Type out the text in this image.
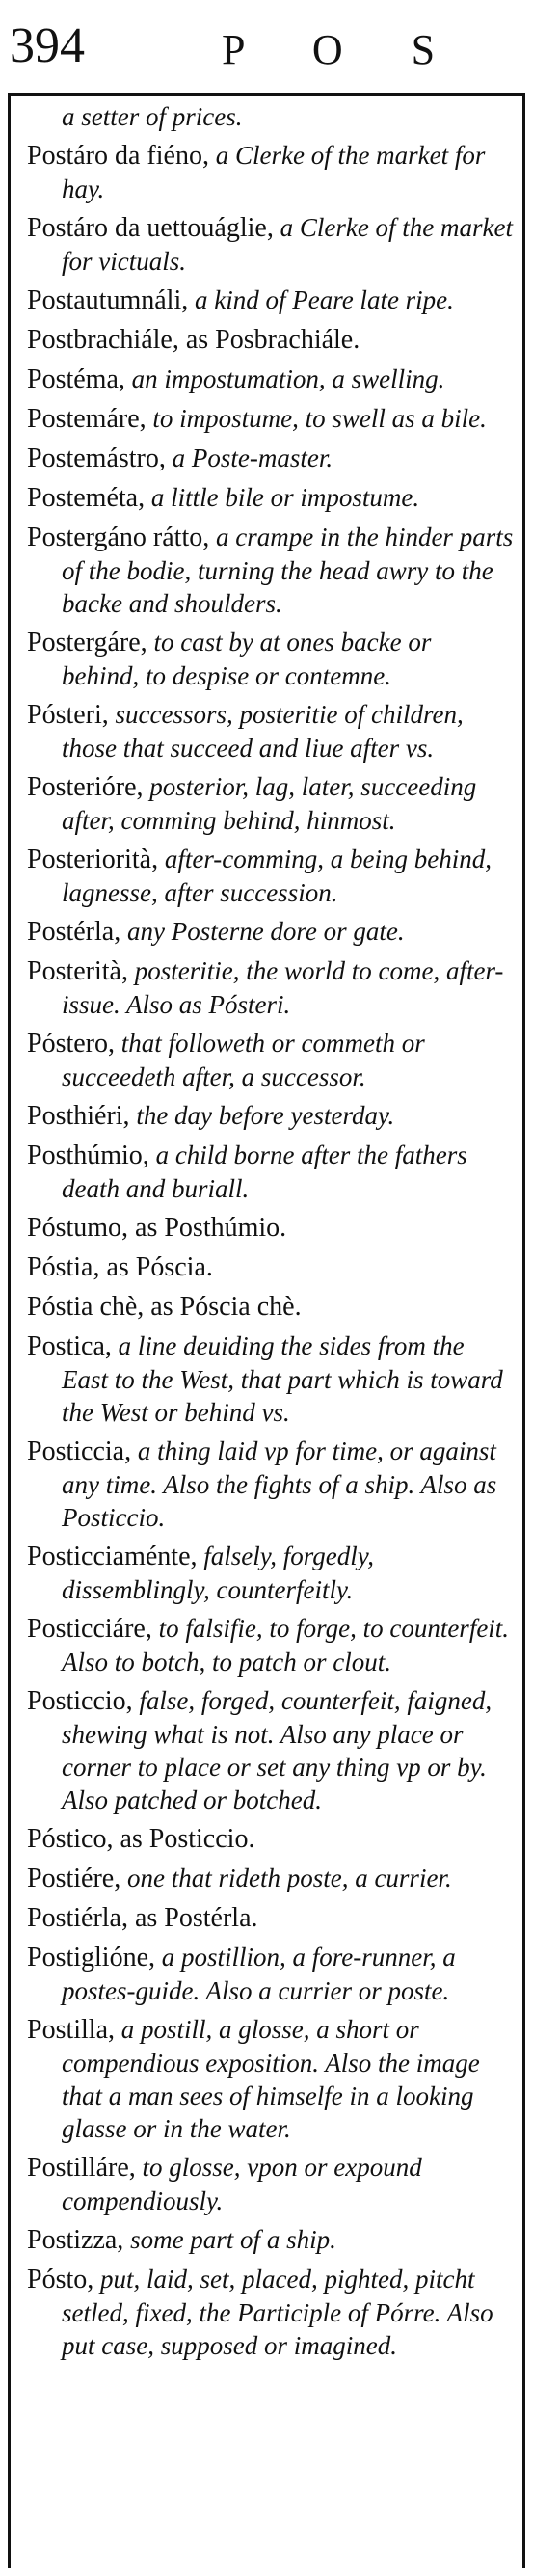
394	P O S

a setter of prices.

Postáro da fiéno, a Clerke of the market for hay.

Postáro da uettouáglie, a Clerke of the market for victuals.

Postautumnáli, a kind of Peare late ripe.

Postbrachiále, as Posbrachiále.

Postéma, an impostumation, a swelling.

Postemáre, to impostume, to swell as a bile.

Postemástro, a Poste-master.

Posteméta, a little bile or impostume.

Postergáno rátto, a crampe in the hinder parts of the bodie, turning the head awry to the backe and shoulders.

Postergáre, to cast by at ones backe or behind, to despise or contemne.

Pósteri, successors, posteritie of children, those that succeed and liue after vs.

Posterióre, posterior, lag, later, succeeding after, comming behind, hinmost.

Posteriorità, after-comming, a being behind, lagnesse, after succession.

Postérla, any Posterne dore or gate.

Posterità, posteritie, the world to come, after-issue. Also as Pósteri.

Póstero, that followeth or commeth or succeedeth after, a successor.

Posthiéri, the day before yesterday.

Posthúmio, a child borne after the fathers death and buriall.

Póstumo, as Posthúmio.

Póstia, as Póscia.

Póstia chè, as Póscia chè.

Postica, a line deuiding the sides from the East to the West, that part which is toward the West or behind vs.

Posticcia, a thing laid vp for time, or against any time. Also the fights of a ship. Also as Posticcio.

Posticciaménte, falsely, forgedly, dissemblingly, counterfeitly.

Posticciáre, to falsifie, to forge, to counterfeit. Also to botch, to patch or clout.

Posticcio, false, forged, counterfeit, faigned, shewing what is not. Also any place or corner to place or set any thing vp or by. Also patched or botched.

Póstico, as Posticcio.

Postiére, one that rideth poste, a currier.

Postiérla, as Postérla.

Postiglióne, a postillion, a fore-runner, a postes-guide. Also a currier or poste.

Postilla, a postill, a glosse, a short or compendious exposition. Also the image that a man sees of himselfe in a looking glasse or in the water.

Postilláre, to glosse, vpon or expound compendiously.

Postizza, some part of a ship.

Pósto, put, laid, set, placed, pighted, pitcht setled, fixed, the Participle of Pórre. Also put case, supposed or imagined.
